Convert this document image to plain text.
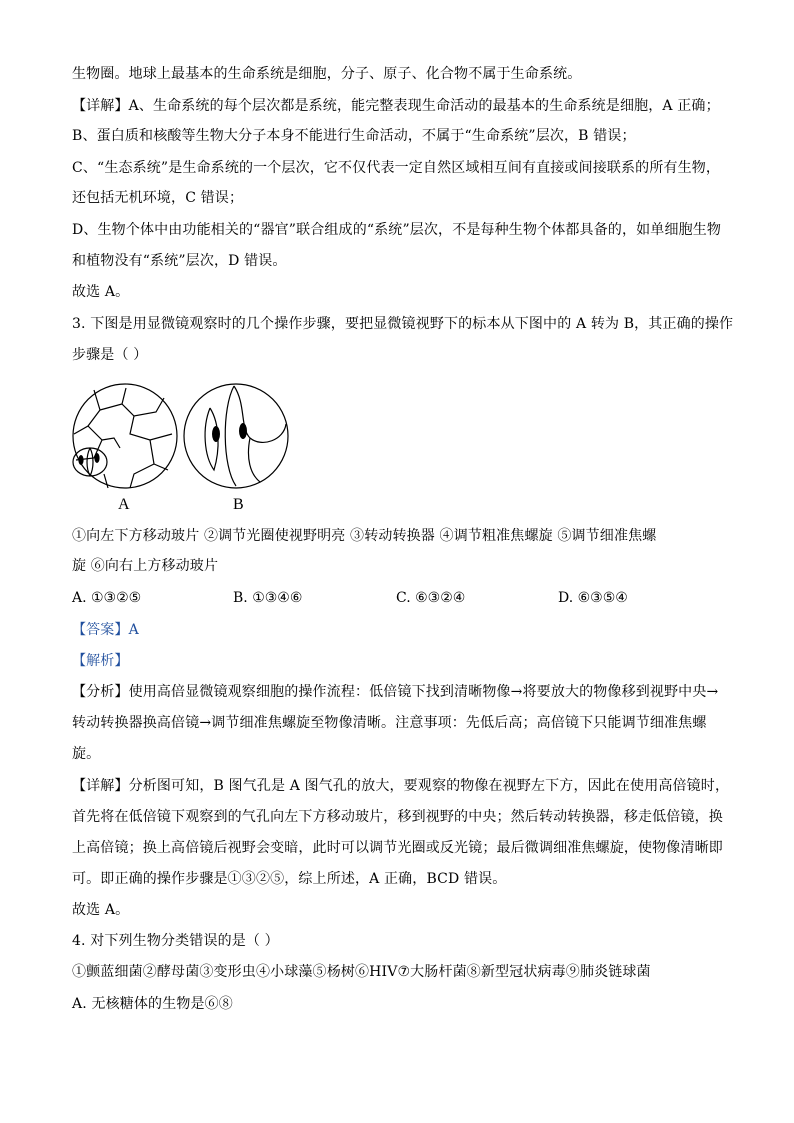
生物圈。地球上最基本的生命系统是细胞，分子、原子、化合物不属于生命系统。
【详解】A、生命系统的每个层次都是系统，能完整表现生命活动的最基本的生命系统是细胞，A 正确；
B、蛋白质和核酸等生物大分子本身不能进行生命活动，不属于“生命系统”层次，B 错误；
C、“生态系统”是生命系统的一个层次，它不仅代表一定自然区域相互间有直接或间接联系的所有生物，
还包括无机环境，C 错误；
D、生物个体中由功能相关的“器官”联合组成的“系统”层次，不是每种生物个体都具备的，如单细胞生物
和植物没有“系统”层次，D 错误。
故选 A。
3. 下图是用显微镜观察时的几个操作步骤，要把显微镜视野下的标本从下图中的 A 转为 B，其正确的操作
步骤是（ ）
A	B
①向左下方移动玻片 ②调节光圈使视野明亮 ③转动转换器 ④调节粗准焦螺旋 ⑤调节细准焦螺
旋 ⑥向右上方移动玻片
A. ①③②⑤	B. ①③④⑥	C. ⑥③②④	D. ⑥③⑤④
【答案】A
【解析】
【分析】使用高倍显微镜观察细胞的操作流程：低倍镜下找到清晰物像→将要放大的物像移到视野中央→
转动转换器换高倍镜→调节细准焦螺旋至物像清晰。注意事项：先低后高；高倍镜下只能调节细准焦螺
旋。
【详解】分析图可知，B 图气孔是 A 图气孔的放大，要观察的物像在视野左下方，因此在使用高倍镜时，
首先将在低倍镜下观察到的气孔向左下方移动玻片，移到视野的中央；然后转动转换器，移走低倍镜，换
上高倍镜；换上高倍镜后视野会变暗，此时可以调节光圈或反光镜；最后微调细准焦螺旋，使物像清晰即
可。即正确的操作步骤是①③②⑤，综上所述，A 正确，BCD 错误。
故选 A。
4. 对下列生物分类错误的是（ ）
①颤蓝细菌②酵母菌③变形虫④小球藻⑤杨树⑥HIV⑦大肠杆菌⑧新型冠状病毒⑨肺炎链球菌
A. 无核糖体的生物是⑥⑧
